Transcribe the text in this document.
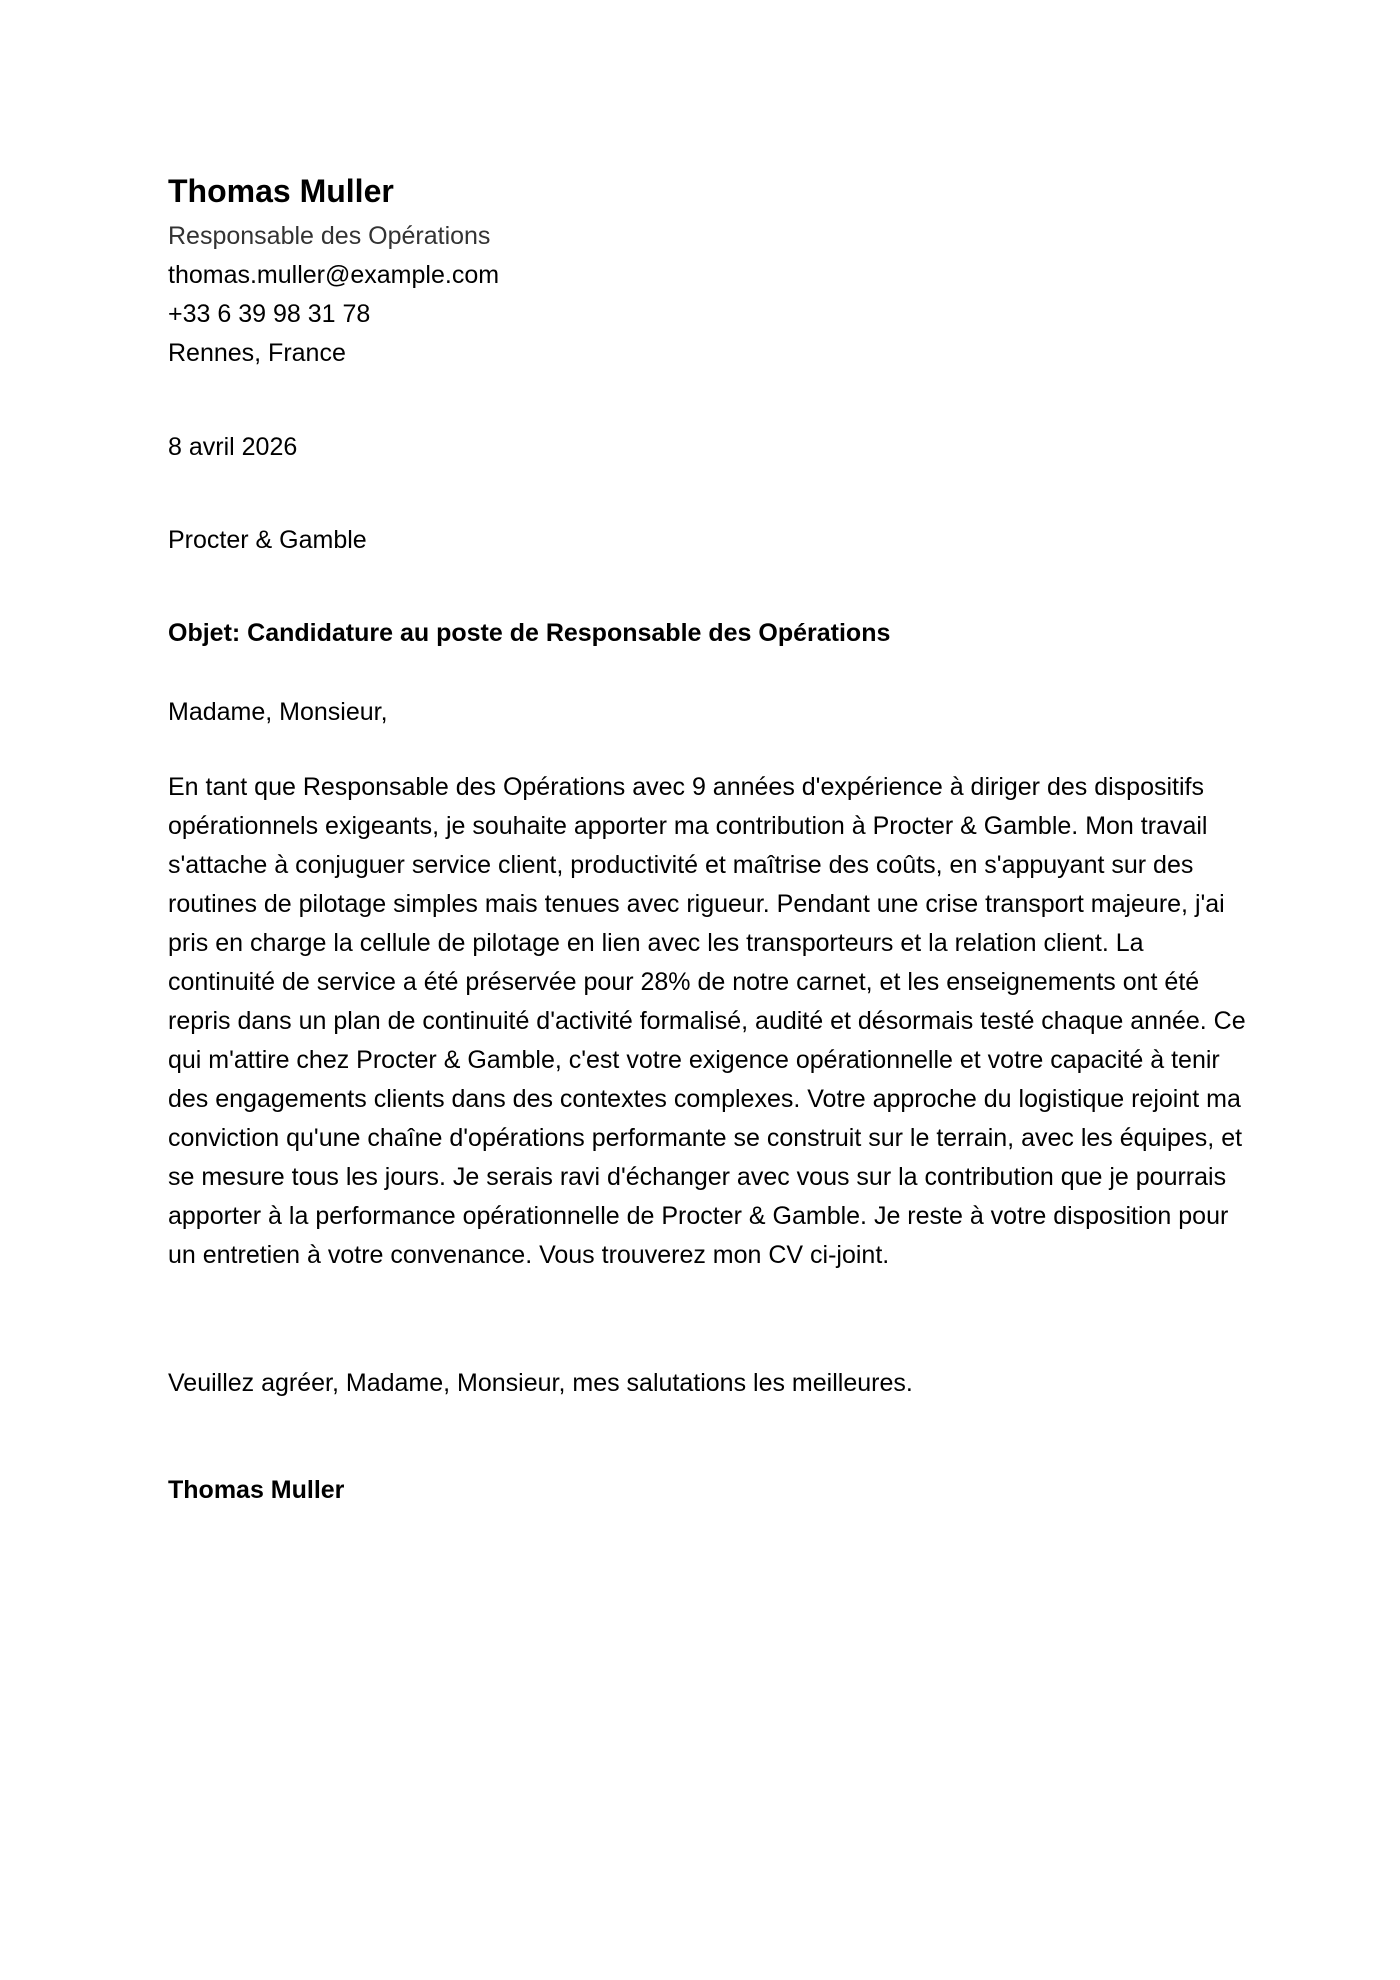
Thomas Muller
Responsable des Opérations
thomas.muller@example.com
+33 6 39 98 31 78
Rennes, France
8 avril 2026
Procter & Gamble
Objet: Candidature au poste de Responsable des Opérations
Madame, Monsieur,

En tant que Responsable des Opérations avec 9 années d'expérience à diriger des dispositifs opérationnels exigeants, je souhaite apporter ma contribution à Procter & Gamble. Mon travail s'attache à conjuguer service client, productivité et maîtrise des coûts, en s'appuyant sur des routines de pilotage simples mais tenues avec rigueur. Pendant une crise transport majeure, j'ai pris en charge la cellule de pilotage en lien avec les transporteurs et la relation client. La continuité de service a été préservée pour 28% de notre carnet, et les enseignements ont été repris dans un plan de continuité d'activité formalisé, audité et désormais testé chaque année. Ce qui m'attire chez Procter & Gamble, c'est votre exigence opérationnelle et votre capacité à tenir des engagements clients dans des contextes complexes. Votre approche du logistique rejoint ma conviction qu'une chaîne d'opérations performante se construit sur le terrain, avec les équipes, et se mesure tous les jours. Je serais ravi d'échanger avec vous sur la contribution que je pourrais apporter à la performance opérationnelle de Procter & Gamble. Je reste à votre disposition pour un entretien à votre convenance. Vous trouverez mon CV ci-joint.

Veuillez agréer, Madame, Monsieur, mes salutations les meilleures.
Thomas Muller
